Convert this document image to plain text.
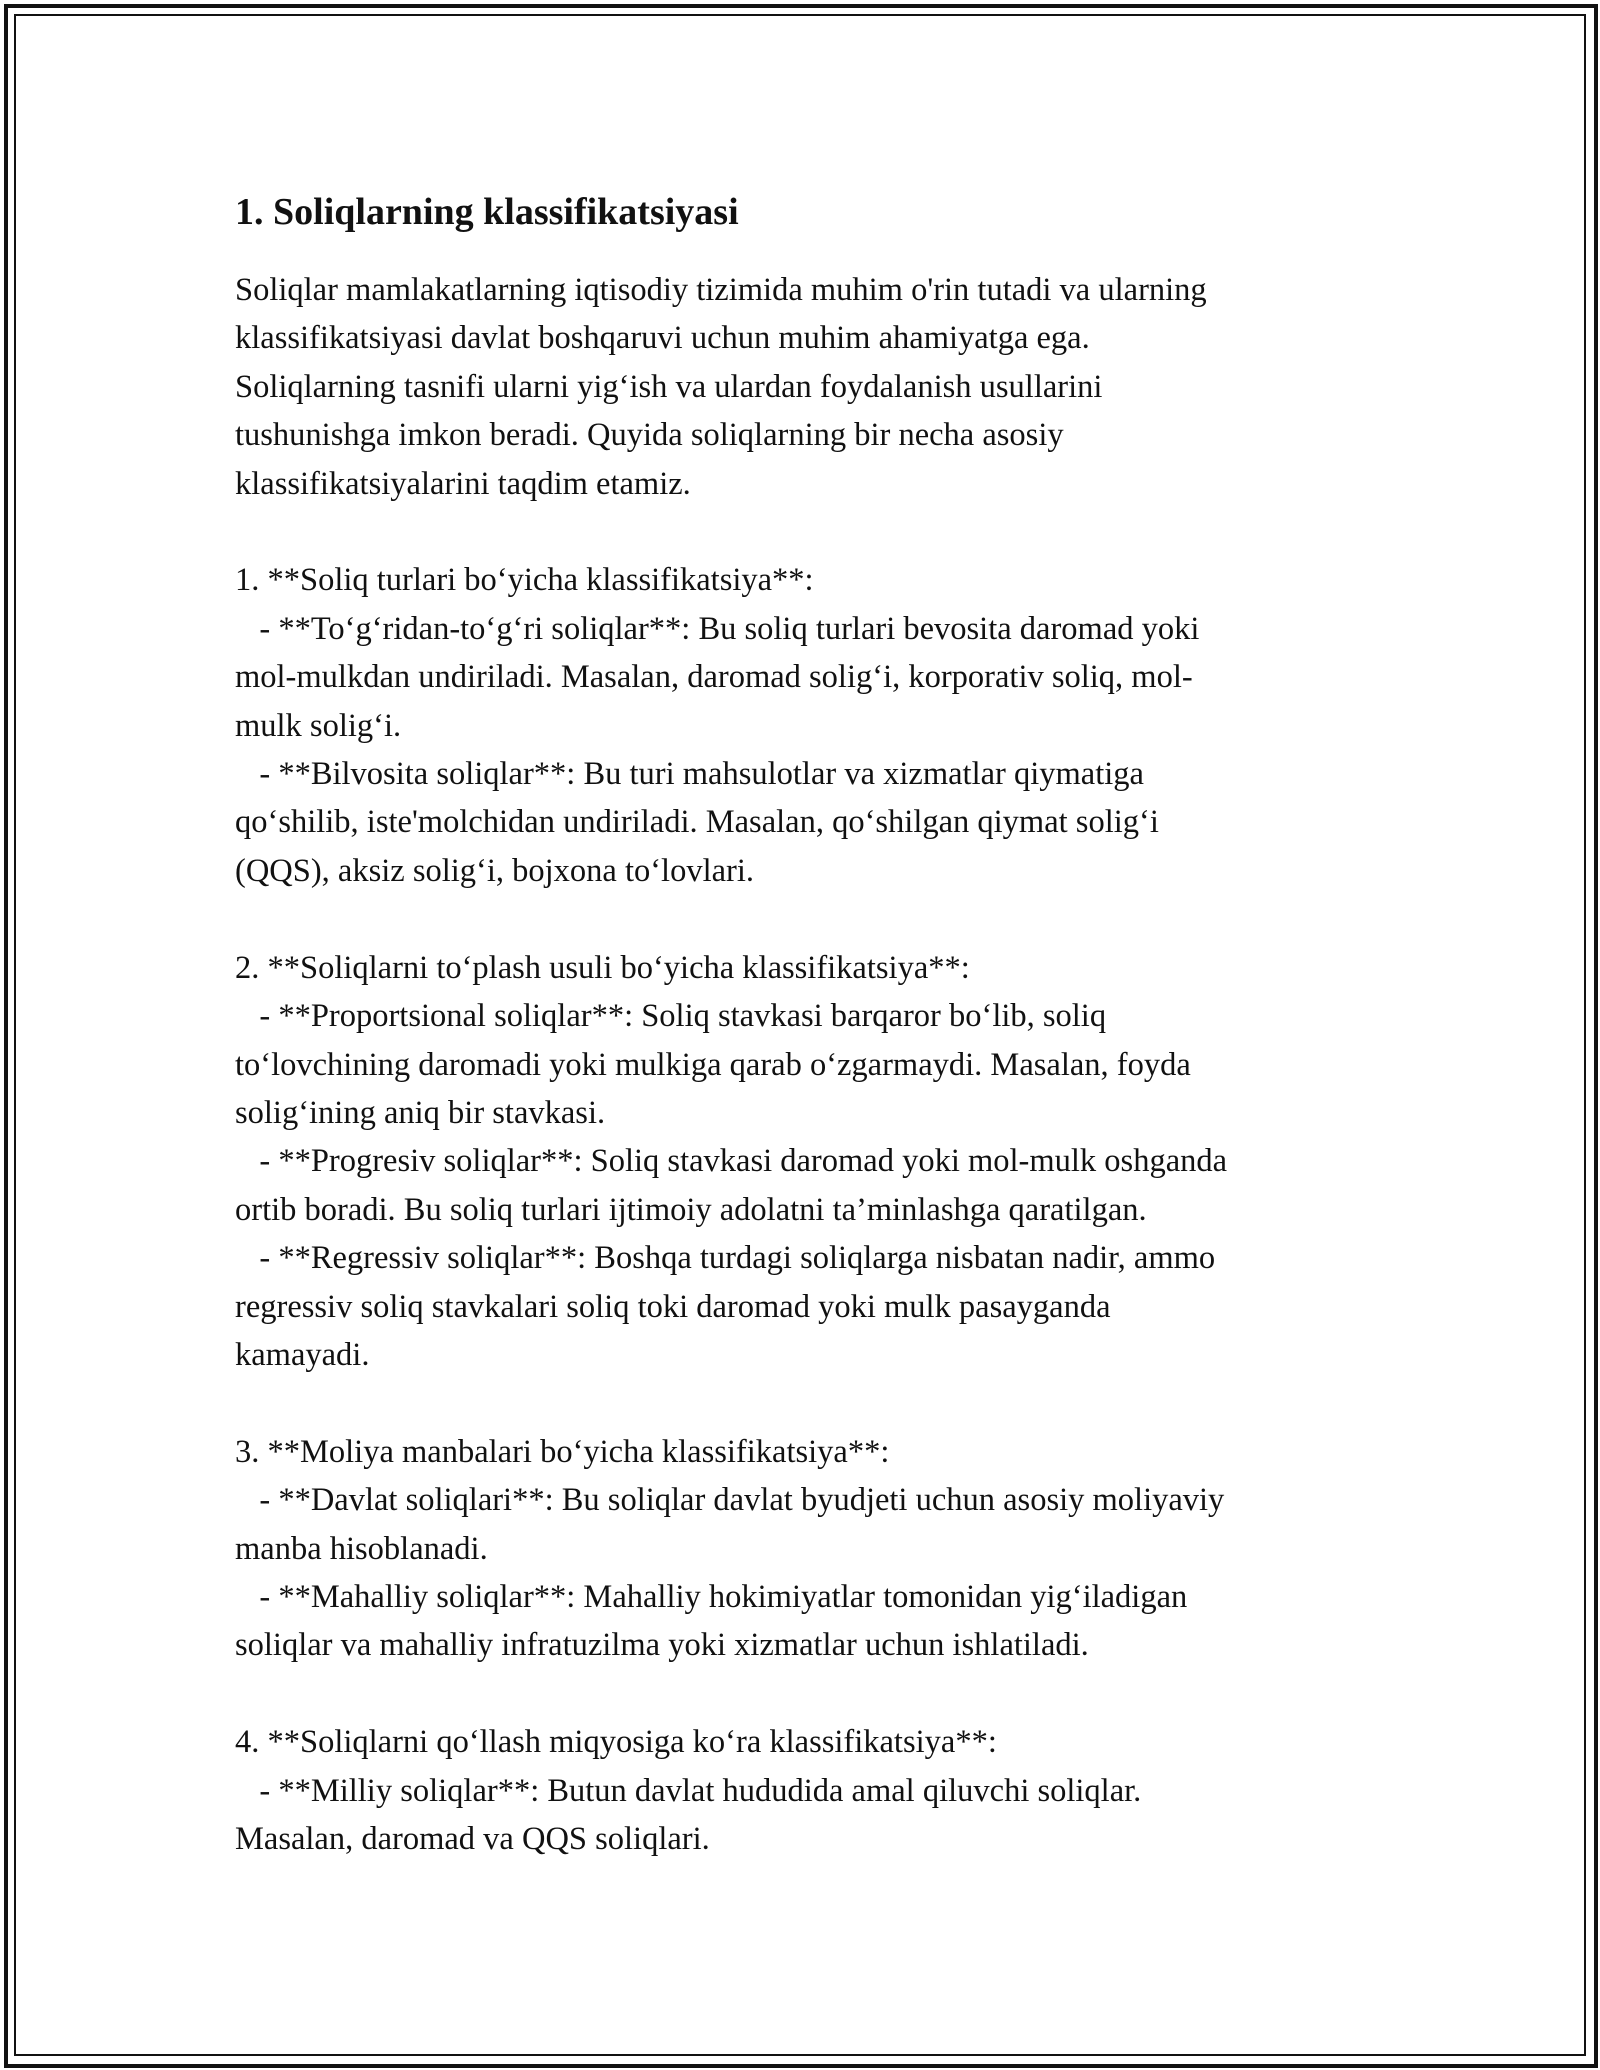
1. Soliqlarning klassifikatsiyasi

Soliqlar mamlakatlarning iqtisodiy tizimida muhim o'rin tutadi va ularning
klassifikatsiyasi davlat boshqaruvi uchun muhim ahamiyatga ega.
Soliqlarning tasnifi ularni yig‘ish va ulardan foydalanish usullarini
tushunishga imkon beradi. Quyida soliqlarning bir necha asosiy
klassifikatsiyalarini taqdim etamiz.

1. **Soliq turlari bo‘yicha klassifikatsiya**:
- **To‘g‘ridan-to‘g‘ri soliqlar**: Bu soliq turlari bevosita daromad yoki
mol-mulkdan undiriladi. Masalan, daromad solig‘i, korporativ soliq, mol-
mulk solig‘i.
- **Bilvosita soliqlar**: Bu turi mahsulotlar va xizmatlar qiymatiga
qo‘shilib, iste'molchidan undiriladi. Masalan, qo‘shilgan qiymat solig‘i
(QQS), aksiz solig‘i, bojxona to‘lovlari.

2. **Soliqlarni to‘plash usuli bo‘yicha klassifikatsiya**:
- **Proportsional soliqlar**: Soliq stavkasi barqaror bo‘lib, soliq
to‘lovchining daromadi yoki mulkiga qarab o‘zgarmaydi. Masalan, foyda
solig‘ining aniq bir stavkasi.
- **Progresiv soliqlar**: Soliq stavkasi daromad yoki mol-mulk oshganda
ortib boradi. Bu soliq turlari ijtimoiy adolatni ta’minlashga qaratilgan.
- **Regressiv soliqlar**: Boshqa turdagi soliqlarga nisbatan nadir, ammo
regressiv soliq stavkalari soliq toki daromad yoki mulk pasayganda
kamayadi.

3. **Moliya manbalari bo‘yicha klassifikatsiya**:
- **Davlat soliqlari**: Bu soliqlar davlat byudjeti uchun asosiy moliyaviy
manba hisoblanadi.
- **Mahalliy soliqlar**: Mahalliy hokimiyatlar tomonidan yig‘iladigan
soliqlar va mahalliy infratuzilma yoki xizmatlar uchun ishlatiladi.

4. **Soliqlarni qo‘llash miqyosiga ko‘ra klassifikatsiya**:
- **Milliy soliqlar**: Butun davlat hududida amal qiluvchi soliqlar.
Masalan, daromad va QQS soliqlari.
